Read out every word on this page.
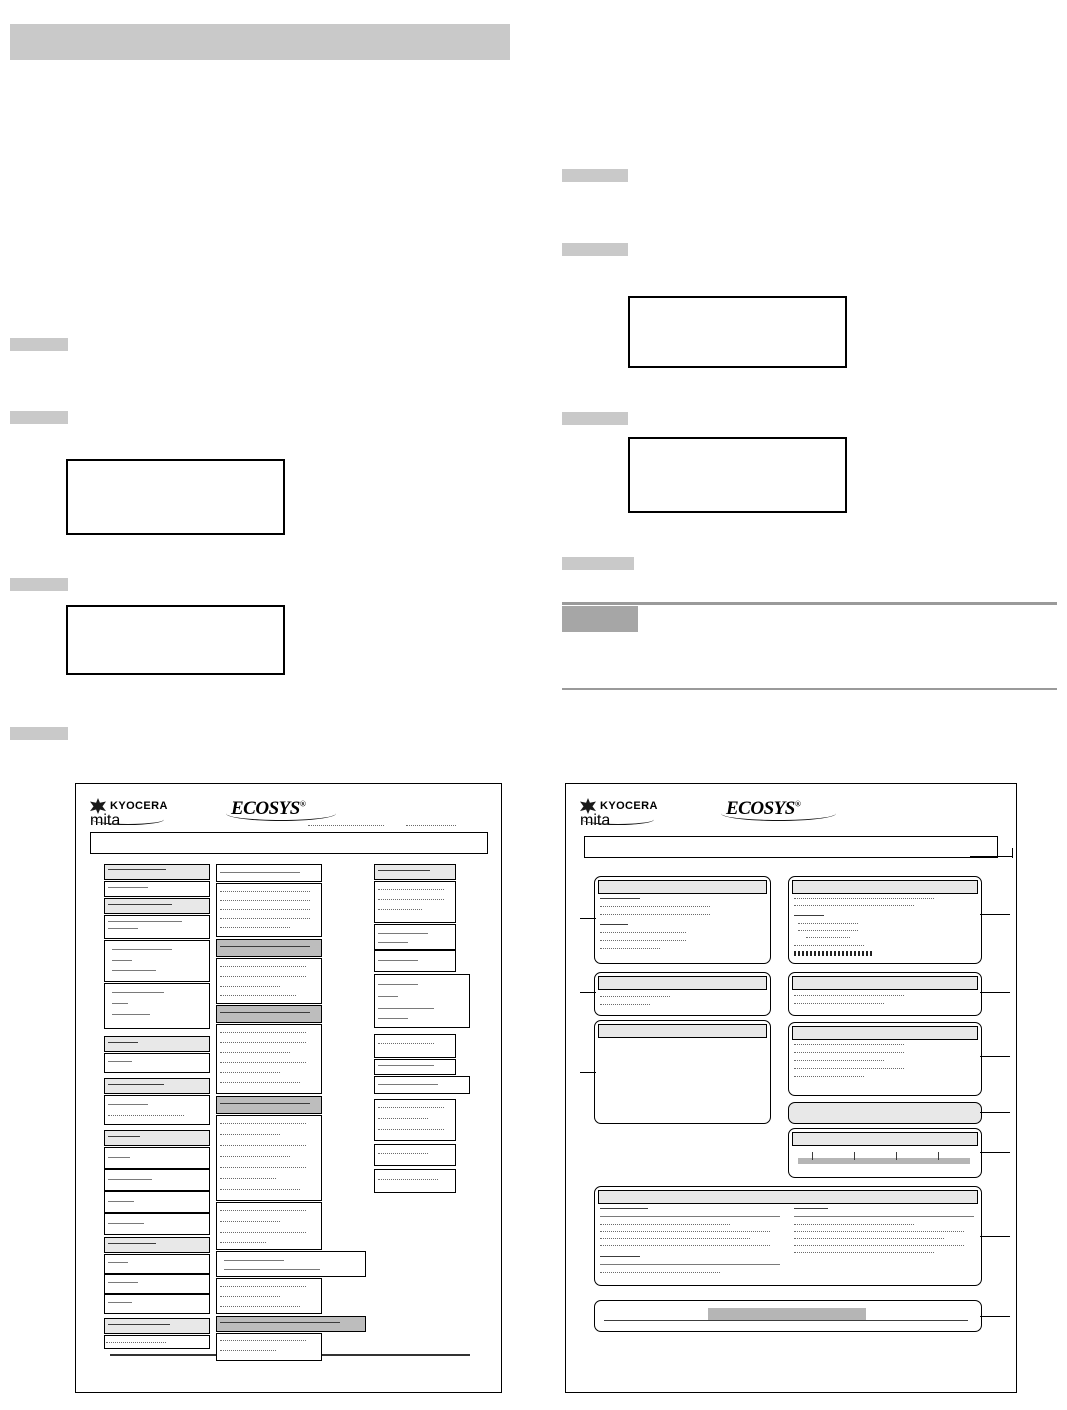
KYOCERA
mita
ECOSYS®	KYOCERA
mita
ECOSYS®
